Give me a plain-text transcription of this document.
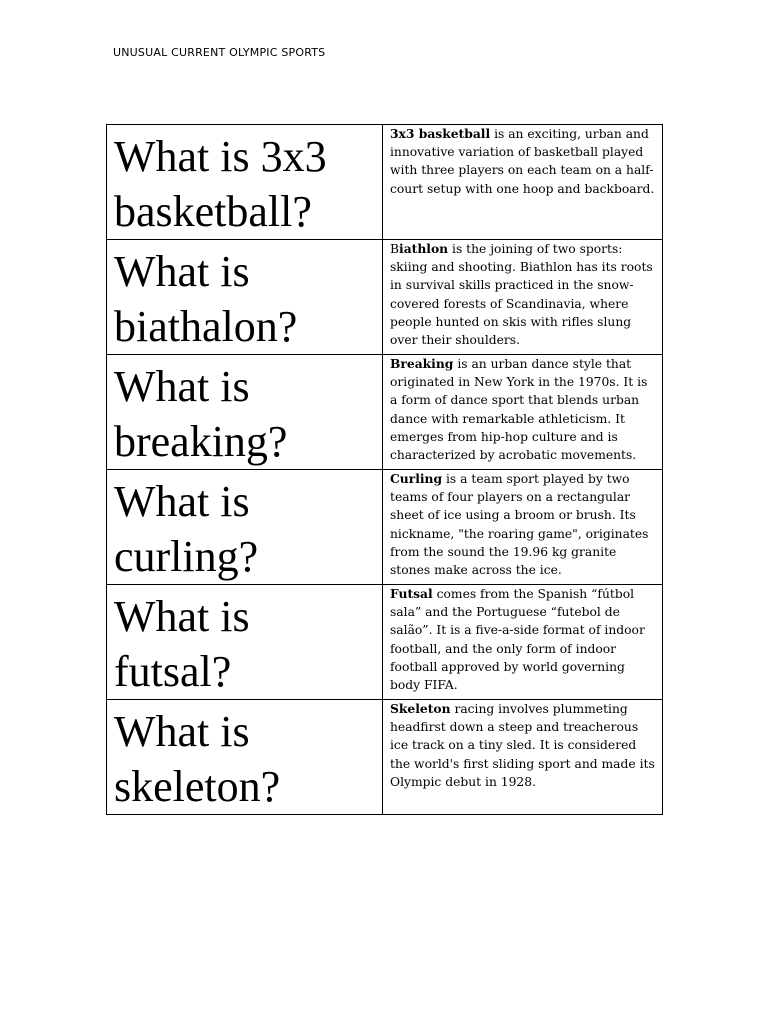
UNUSUAL CURRENT OLYMPIC SPORTS
What is 3x3
basketball?	3x3 basketball is an exciting, urban and innovative variation of basketball played with three players on each team on a half-court setup with one hoop and backboard.

What is
biathalon?	Biathlon is the joining of two sports: skiing and shooting. Biathlon has its roots in survival skills practiced in the snow-covered forests of Scandinavia, where people hunted on skis with rifles slung over their shoulders.

What is
breaking?	Breaking is an urban dance style that originated in New York in the 1970s. It is a form of dance sport that blends urban dance with remarkable athleticism. It emerges from hip-hop culture and is characterized by acrobatic movements.

What is
curling?	Curling is a team sport played by two teams of four players on a rectangular sheet of ice using a broom or brush. Its nickname, "the roaring game", originates from the sound the 19.96 kg granite stones make across the ice.

What is
futsal?	Futsal comes from the Spanish “fútbol sala” and the Portuguese “futebol de salão”. It is a five-a-side format of indoor football, and the only form of indoor football approved by world governing body FIFA.

What is
skeleton?	Skeleton racing involves plummeting headfirst down a steep and treacherous ice track on a tiny sled. It is considered the world's first sliding sport and made its Olympic debut in 1928.
